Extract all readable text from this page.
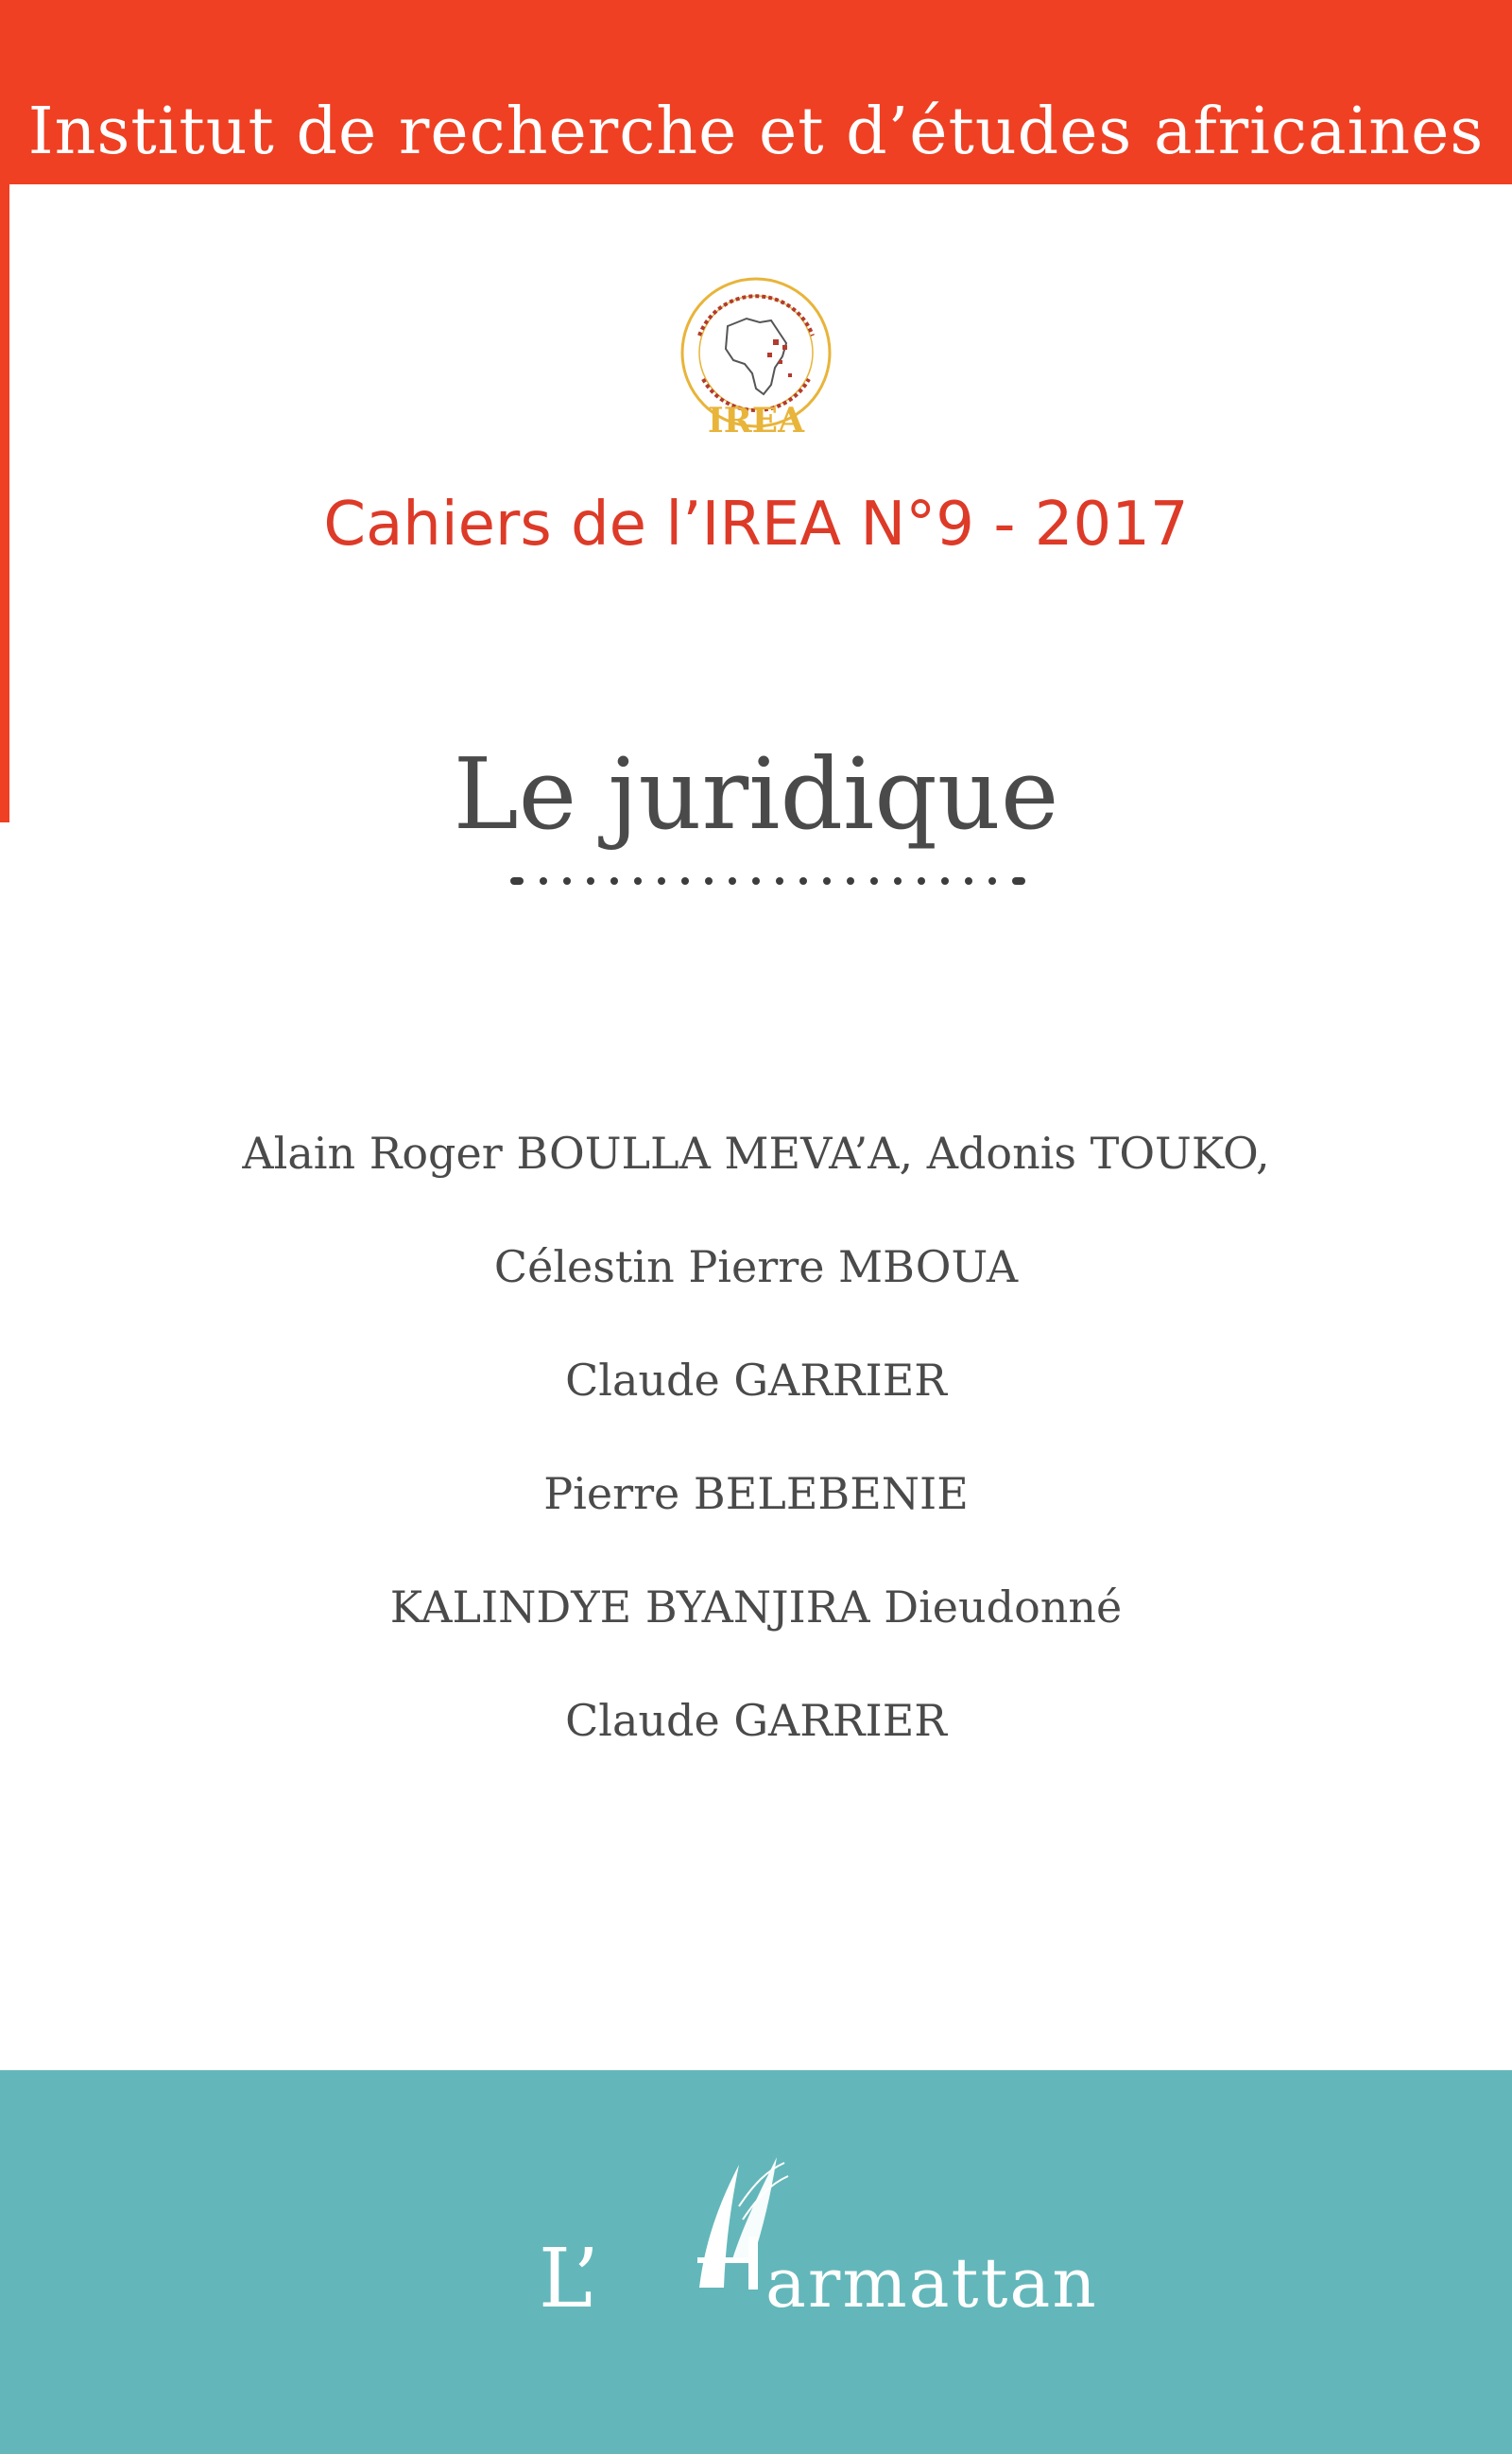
Institut de recherche et d’études africaines
IREA
Cahiers de l’IREA N°9 - 2017
Le juridique
Alain Roger BOULLA MEVA’A, Adonis TOUKO,
Célestin Pierre MBOUA
Claude GARRIER
Pierre BELEBENIE
KALINDYE BYANJIRA Dieudonné
Claude GARRIER
L’ armattan
